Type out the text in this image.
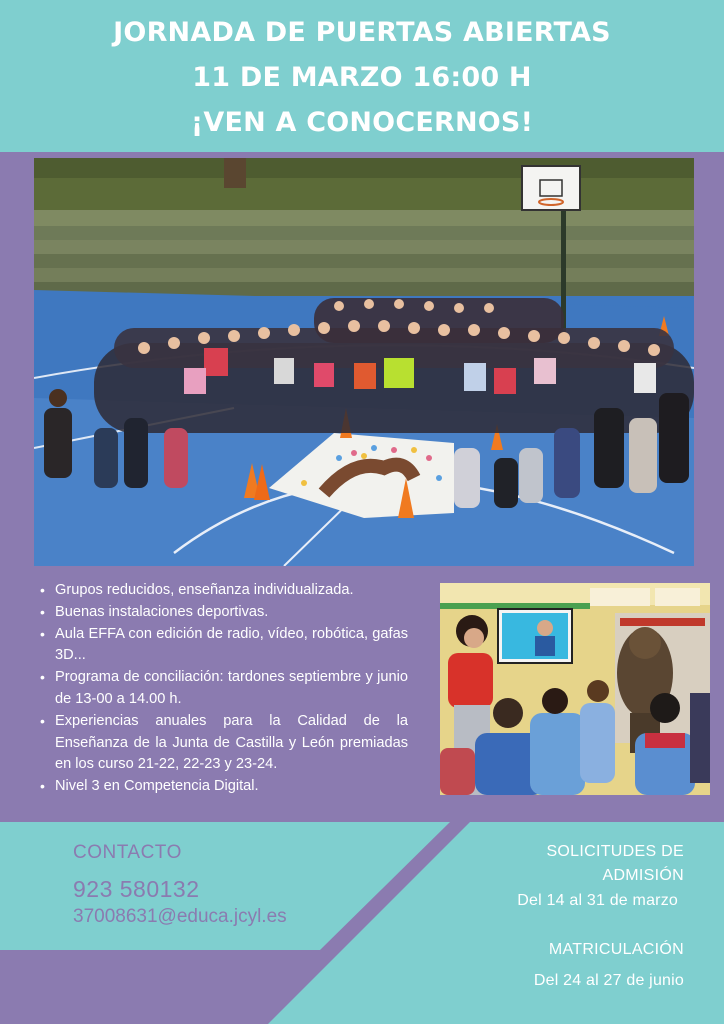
JORNADA DE PUERTAS ABIERTAS
11 DE MARZO 16:00 H
¡VEN A CONOCERNOS!
• Grupos reducidos, enseñanza individualizada.
• Buenas instalaciones deportivas.
• Aula EFFA con edición de radio, vídeo, robótica, gafas 3D...
• Programa de conciliación: tardones septiembre y junio de 13-00 a 14.00 h.
• Experiencias anuales para la Calidad de la Enseñanza de la Junta de Castilla y León premiadas en los curso 21-22, 22-23 y 23-24.
• Nivel 3 en Competencia Digital.
CONTACTO
923 580132
37008631@educa.jcyl.es
SOLICITUDES DE ADMISIÓN
Del 14 al 31 de marzo
MATRICULACIÓN
Del 24 al 27 de junio
